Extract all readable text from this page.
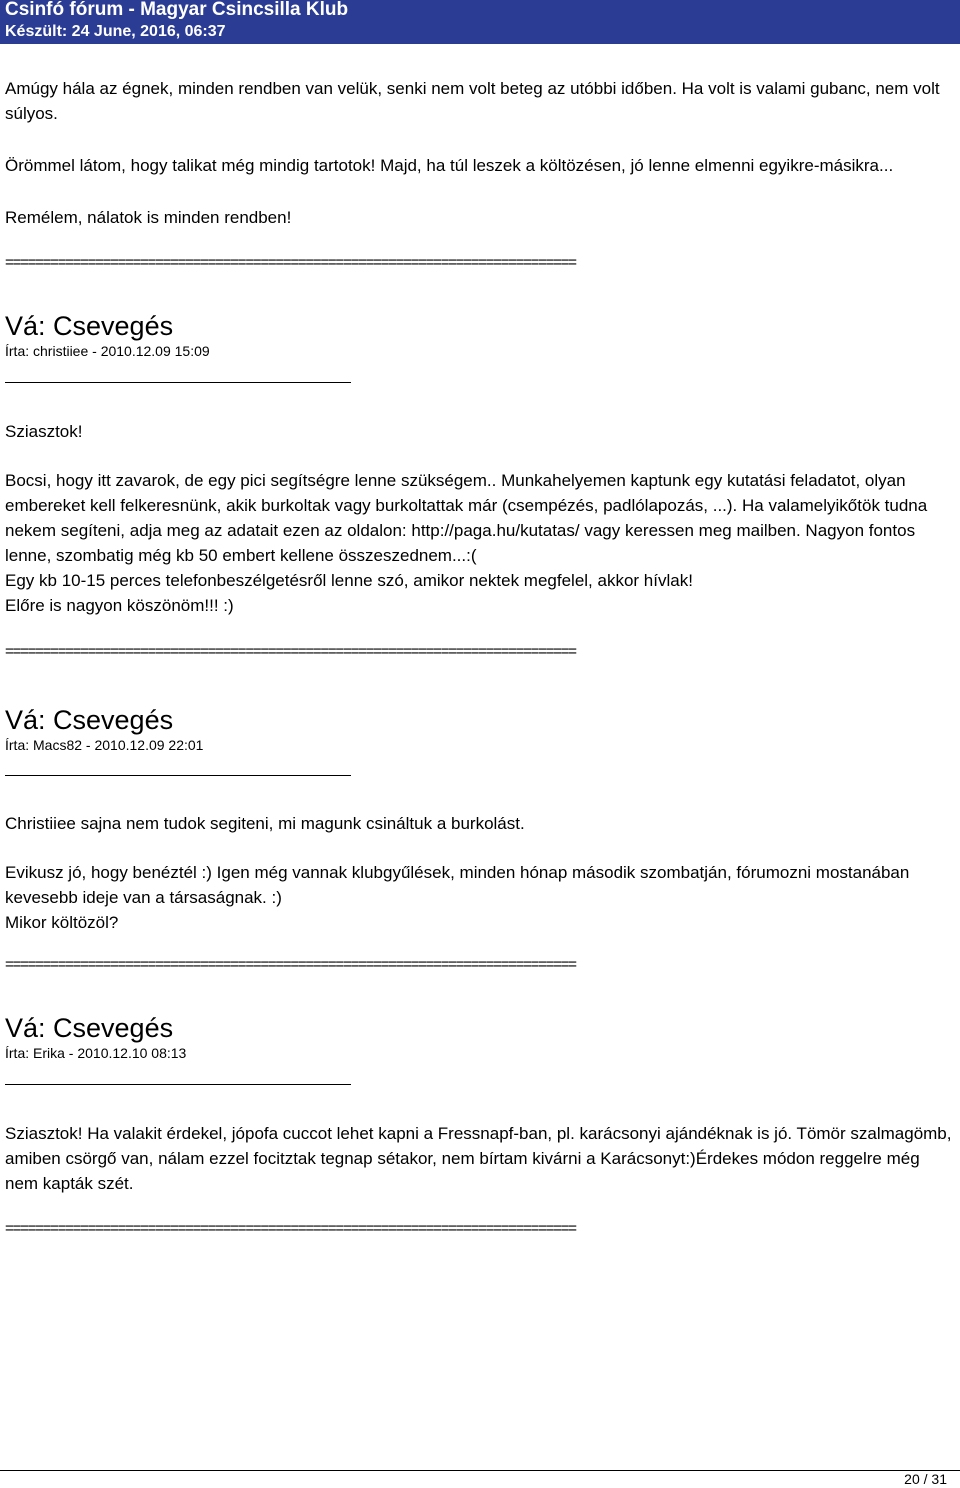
Csinfó fórum - Magyar Csincsilla Klub
Készült: 24 June, 2016, 06:37

Amúgy hála az égnek, minden rendben van velük, senki nem volt beteg az utóbbi időben. Ha volt is valami gubanc, nem volt súlyos.

Örömmel látom, hogy talikat még mindig tartotok! Majd, ha túl leszek a költözésen, jó lenne elmenni egyikre-másikra...

Remélem, nálatok is minden rendben!

============================================================================

Vá: Csevegés

Írta: christiiee - 2010.12.09 15:09

Sziasztok!

Bocsi, hogy itt zavarok, de egy pici segítségre lenne szükségem.. Munkahelyemen kaptunk egy kutatási feladatot, olyan embereket kell felkeresnünk, akik burkoltak vagy burkoltattak már (csempézés, padlólapozás, ...). Ha valamelyikőtök tudna nekem segíteni, adja meg az adatait ezen az oldalon: http://paga.hu/kutatas/ vagy keressen meg mailben. Nagyon fontos lenne, szombatig még kb 50 embert kellene összeszednem...:(

Egy kb 10-15 perces telefonbeszélgetésről lenne szó, amikor nektek megfelel, akkor hívlak!

Előre is nagyon köszönöm!!! :)

============================================================================

Vá: Csevegés

Írta: Macs82 - 2010.12.09 22:01

Christiiee sajna nem tudok segiteni, mi magunk csináltuk a burkolást.

Evikusz jó, hogy benéztél :) Igen még vannak klubgyűlések, minden hónap második szombatján, fórumozni mostanában kevesebb ideje van a társaságnak. :)

Mikor költözöl?

============================================================================

Vá: Csevegés

Írta: Erika - 2010.12.10 08:13

Sziasztok! Ha valakit érdekel, jópofa cuccot lehet kapni a Fressnapf-ban, pl. karácsonyi ajándéknak is jó. Tömör szalmagömb, amiben csörgő van, nálam ezzel focitztak tegnap sétakor, nem bírtam kivárni a Karácsonyt:)Érdekes módon reggelre még nem kapták szét.

============================================================================

20 / 31
